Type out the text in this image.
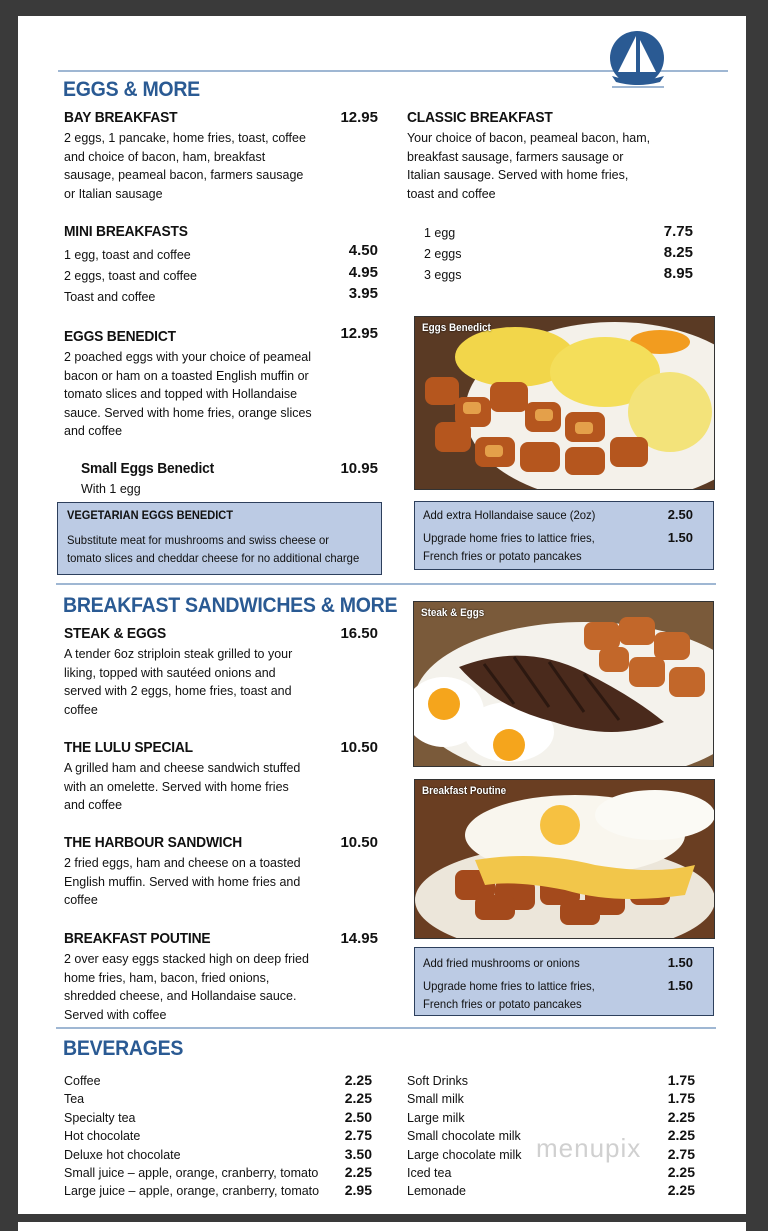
EGGS & MORE
BAY BREAKFAST	12.95
2 eggs, 1 pancake, home fries, toast, coffee
and choice of bacon, ham, breakfast
sausage, peameal bacon, farmers sausage
or Italian sausage
CLASSIC BREAKFAST
Your choice of bacon, peameal bacon, ham,
breakfast sausage, farmers sausage or
Italian sausage. Served with home fries,
toast and coffee
1 egg	7.75
2 eggs	8.25
3 eggs	8.95
MINI BREAKFASTS
1 egg, toast and coffee	4.50
2 eggs, toast and coffee	4.95
Toast and coffee	3.95
EGGS BENEDICT	12.95
2 poached eggs with your choice of peameal
bacon or ham on a toasted English muffin or
tomato slices and topped with Hollandaise
sauce. Served with home fries, orange slices
and coffee
Small Eggs Benedict	10.95
With 1 egg
Eggs Benedict
VEGETARIAN EGGS BENEDICT
Substitute meat for mushrooms and swiss cheese or
tomato slices and cheddar cheese for no additional charge
Add extra Hollandaise sauce (2oz)	2.50
Upgrade home fries to lattice fries,
French fries or potato pancakes
1.50
BREAKFAST SANDWICHES & MORE
STEAK & EGGS	16.50
A tender 6oz striploin steak grilled to your
liking, topped with sautéed onions and
served with 2 eggs, home fries, toast and
coffee
THE LULU SPECIAL	10.50
A grilled ham and cheese sandwich stuffed
with an omelette. Served with home fries
and coffee
THE HARBOUR SANDWICH	10.50
2 fried eggs, ham and cheese on a toasted
English muffin. Served with home fries and
coffee
BREAKFAST POUTINE	14.95
2 over easy eggs stacked high on deep fried
home fries, ham, bacon, fried onions,
shredded cheese, and Hollandaise sauce.
Served with coffee
Steak & Eggs
Breakfast Poutine
Add fried mushrooms or onions	1.50
Upgrade home fries to lattice fries,
French fries or potato pancakes
1.50
BEVERAGES
Coffee	2.25
Tea	2.25
Specialty tea	2.50
Hot chocolate	2.75
Deluxe hot chocolate	3.50
Small juice – apple, orange, cranberry, tomato	2.25
Large juice – apple, orange, cranberry, tomato	2.95
menupix
Soft Drinks	1.75
Small milk	1.75
Large milk	2.25
Small chocolate milk	2.25
Large chocolate milk	2.75
Iced tea	2.25
Lemonade	2.25
